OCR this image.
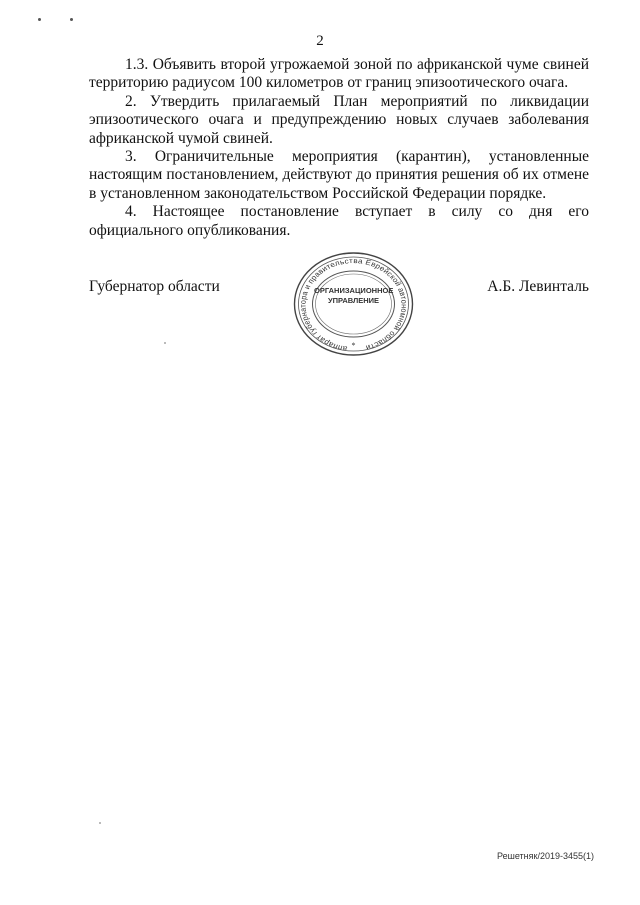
2

1.3. Объявить второй угрожаемой зоной по африканской чуме свиней территорию радиусом 100 километров от границ эпизоотического очага.

2. Утвердить прилагаемый План мероприятий по ликвидации эпизоотического очага и предупреждению новых случаев заболевания африканской чумой свиней.

3. Ограничительные мероприятия (карантин), установленные настоящим постановлением, действуют до принятия решения об их отмене в установленном законодательством Российской Федерации порядке.

4. Настоящее постановление вступает в силу со дня его официального опубликования.

Губернатор области	А.Б. Левинталь
аппарат губернатора и правительства Еврейской автономной области
*
ОРГАНИЗАЦИОННОЕ
УПРАВЛЕНИЕ
Решетняк/2019-3455(1)
